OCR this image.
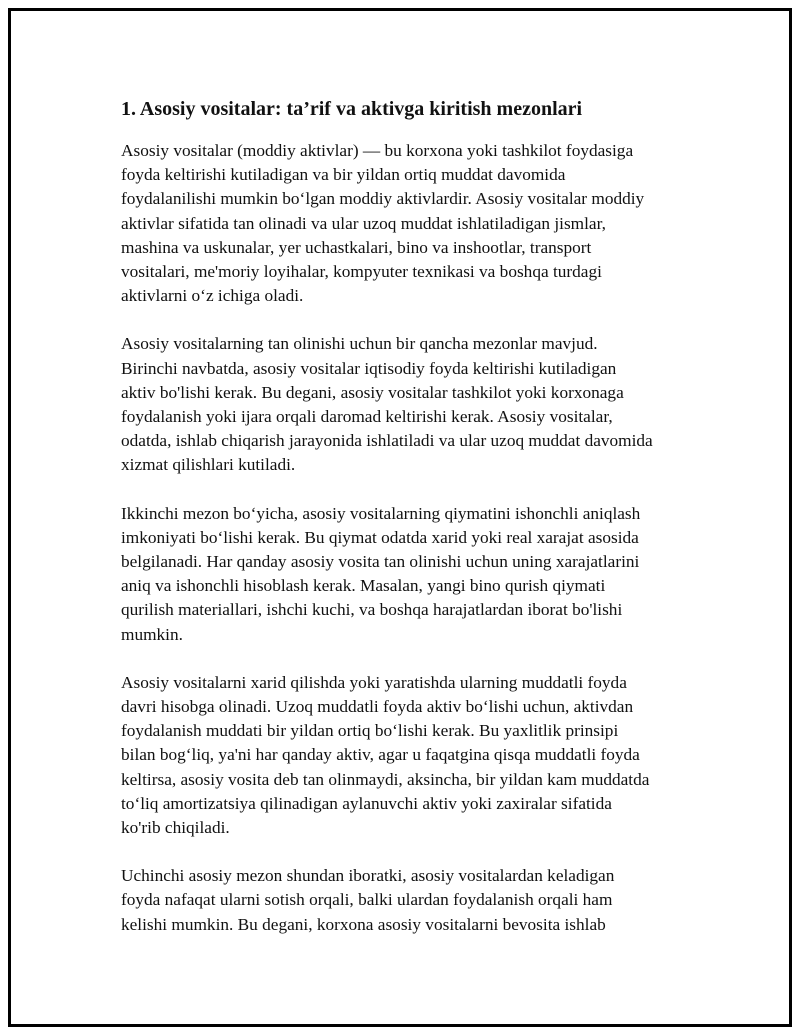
1. Asosiy vositalar: ta’rif va aktivga kiritish mezonlari

Asosiy vositalar (moddiy aktivlar) — bu korxona yoki tashkilot foydasiga
foyda keltirishi kutiladigan va bir yildan ortiq muddat davomida
foydalanilishi mumkin bo‘lgan moddiy aktivlardir. Asosiy vositalar moddiy
aktivlar sifatida tan olinadi va ular uzoq muddat ishlatiladigan jismlar,
mashina va uskunalar, yer uchastkalari, bino va inshootlar, transport
vositalari, me'moriy loyihalar, kompyuter texnikasi va boshqa turdagi
aktivlarni o‘z ichiga oladi.

Asosiy vositalarning tan olinishi uchun bir qancha mezonlar mavjud.
Birinchi navbatda, asosiy vositalar iqtisodiy foyda keltirishi kutiladigan
aktiv bo'lishi kerak. Bu degani, asosiy vositalar tashkilot yoki korxonaga
foydalanish yoki ijara orqali daromad keltirishi kerak. Asosiy vositalar,
odatda, ishlab chiqarish jarayonida ishlatiladi va ular uzoq muddat davomida
xizmat qilishlari kutiladi.

Ikkinchi mezon bo‘yicha, asosiy vositalarning qiymatini ishonchli aniqlash
imkoniyati bo‘lishi kerak. Bu qiymat odatda xarid yoki real xarajat asosida
belgilanadi. Har qanday asosiy vosita tan olinishi uchun uning xarajatlarini
aniq va ishonchli hisoblash kerak. Masalan, yangi bino qurish qiymati
qurilish materiallari, ishchi kuchi, va boshqa harajatlardan iborat bo'lishi
mumkin.

Asosiy vositalarni xarid qilishda yoki yaratishda ularning muddatli foyda
davri hisobga olinadi. Uzoq muddatli foyda aktiv bo‘lishi uchun, aktivdan
foydalanish muddati bir yildan ortiq bo‘lishi kerak. Bu yaxlitlik prinsipi
bilan bog‘liq, ya'ni har qanday aktiv, agar u faqatgina qisqa muddatli foyda
keltirsa, asosiy vosita deb tan olinmaydi, aksincha, bir yildan kam muddatda
to‘liq amortizatsiya qilinadigan aylanuvchi aktiv yoki zaxiralar sifatida
ko'rib chiqiladi.

Uchinchi asosiy mezon shundan iboratki, asosiy vositalardan keladigan
foyda nafaqat ularni sotish orqali, balki ulardan foydalanish orqali ham
kelishi mumkin. Bu degani, korxona asosiy vositalarni bevosita ishlab
